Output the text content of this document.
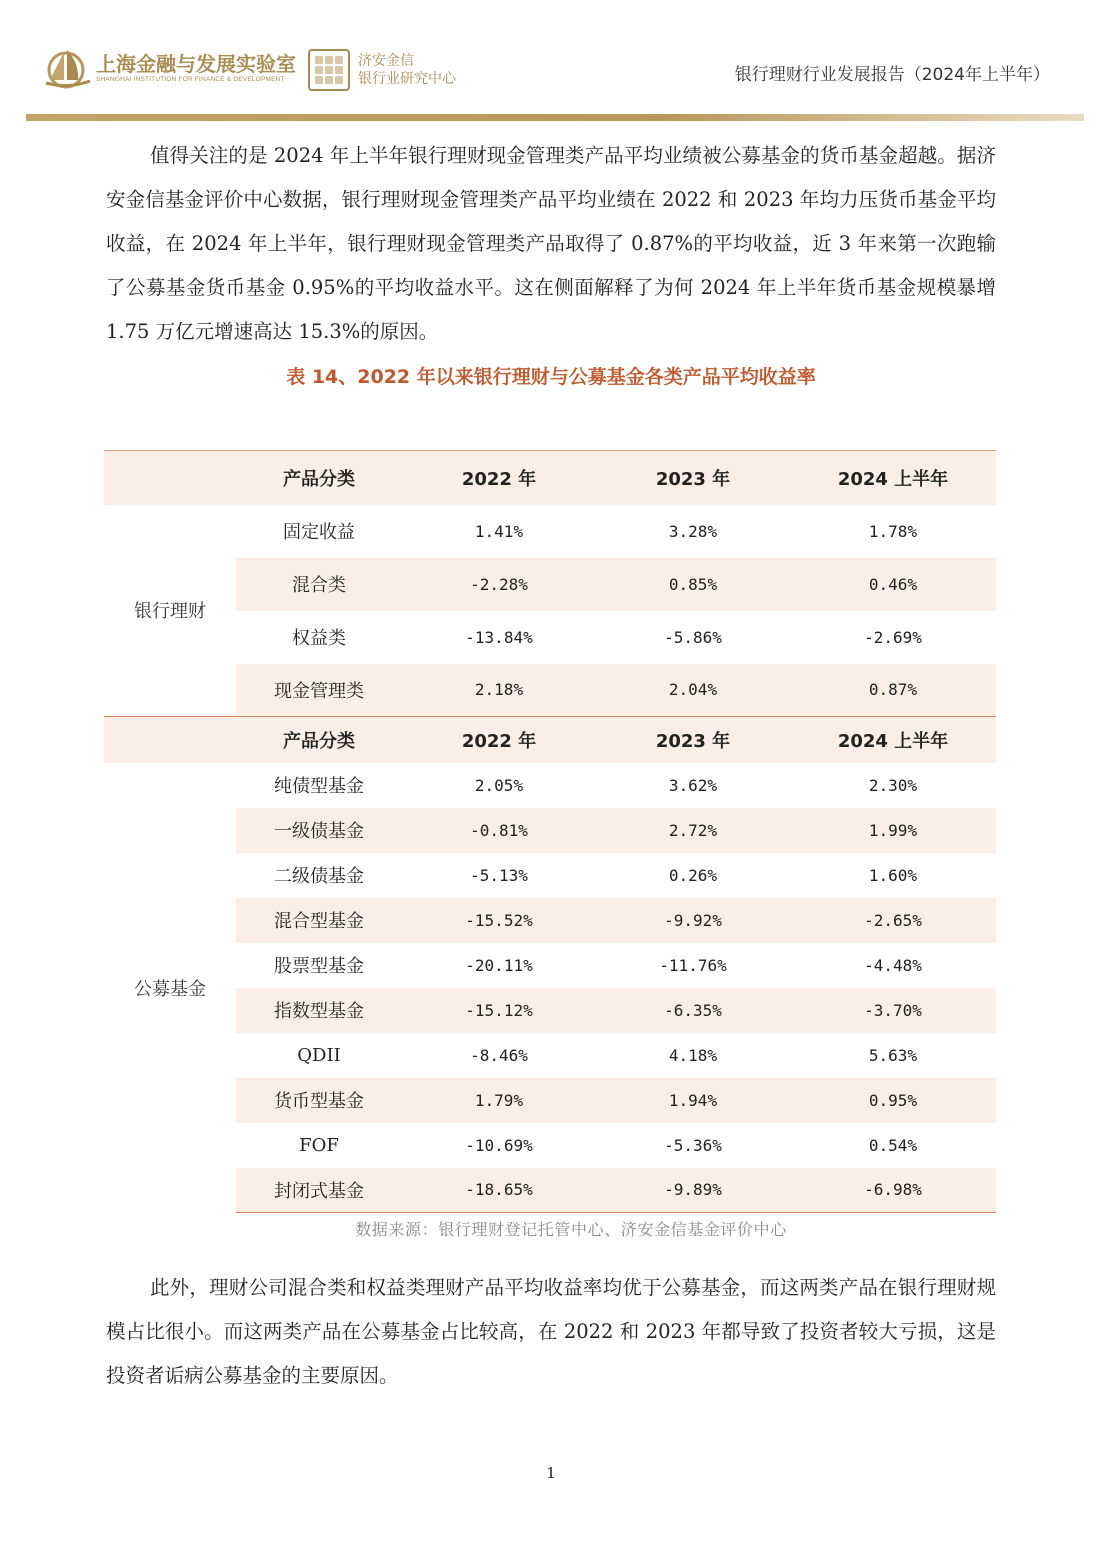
上海金融与发展实验室
SHANGHAI INSTITUTION FOR FINANCE & DEVELOPMENT
济安金信
银行业研究中心	银行理财行业发展报告（2024年上半年）
值得关注的是 2024 年上半年银行理财现金管理类产品平均业绩被公募基金的货币基金超越。据济安金信基金评价中心数据，银行理财现金管理类产品平均业绩在 2022 和 2023 年均力压货币基金平均收益，在 2024 年上半年，银行理财现金管理类产品取得了 0.87%的平均收益，近 3 年来第一次跑输了公募基金货币基金 0.95%的平均收益水平。这在侧面解释了为何 2024 年上半年货币基金规模暴增 1.75 万亿元增速高达 15.3%的原因。
表 14、2022 年以来银行理财与公募基金各类产品平均收益率
	产品分类	2022 年	2023 年	2024 上半年
银行理财	固定收益	1.41%	3.28%	1.78%
	混合类	-2.28%	0.85%	0.46%
	权益类	-13.84%	-5.86%	-2.69%
	现金管理类	2.18%	2.04%	0.87%
	产品分类	2022 年	2023 年	2024 上半年
公募基金	纯债型基金	2.05%	3.62%	2.30%
	一级债基金	-0.81%	2.72%	1.99%
	二级债基金	-5.13%	0.26%	1.60%
	混合型基金	-15.52%	-9.92%	-2.65%
	股票型基金	-20.11%	-11.76%	-4.48%
	指数型基金	-15.12%	-6.35%	-3.70%
	QDII	-8.46%	4.18%	5.63%
	货币型基金	1.79%	1.94%	0.95%
	FOF	-10.69%	-5.36%	0.54%
	封闭式基金	-18.65%	-9.89%	-6.98%
数据来源：银行理财登记托管中心、济安金信基金评价中心
此外，理财公司混合类和权益类理财产品平均收益率均优于公募基金，而这两类产品在银行理财规模占比很小。而这两类产品在公募基金占比较高，在 2022 和 2023 年都导致了投资者较大亏损，这是投资者诟病公募基金的主要原因。
1
